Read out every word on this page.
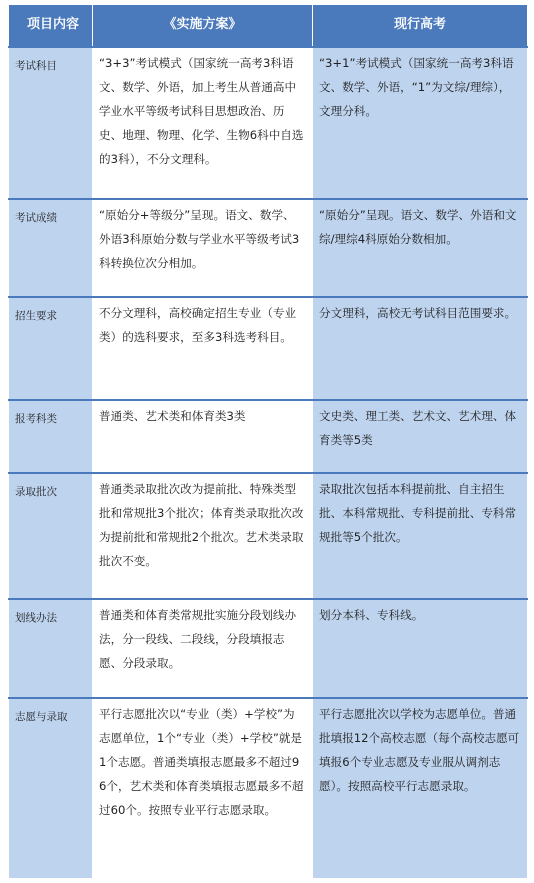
项目内容	《实施方案》	现行高考
考试科目	“3+3”考试模式（国家统一高考3科语文、数学、外语，加上考生从普通高中学业水平等级考试科目思想政治、历史、地理、物理、化学、生物6科中自选的3科），不分文理科。	“3+1”考试模式（国家统一高考3科语文、数学、外语，“1”为文综/理综），文理分科。
考试成绩	“原始分+等级分”呈现。语文、数学、外语3科原始分数与学业水平等级考试3科转换位次分相加。	“原始分”呈现。语文、数学、外语和文综/理综4科原始分数相加。
招生要求	不分文理科，高校确定招生专业（专业类）的选科要求，至多3科选考科目。	分文理科，高校无考试科目范围要求。
报考科类	普通类、艺术类和体育类3类	文史类、理工类、艺术文、艺术理、体育类等5类
录取批次	普通类录取批次改为提前批、特殊类型批和常规批3个批次；体育类录取批次改为提前批和常规批2个批次。艺术类录取批次不变。	录取批次包括本科提前批、自主招生批、本科常规批、专科提前批、专科常规批等5个批次。
划线办法	普通类和体育类常规批实施分段划线办法，分一段线、二段线，分段填报志愿、分段录取。	划分本科、专科线。
志愿与录取	平行志愿批次以“专业（类）+学校”为志愿单位，1个“专业（类）+学校”就是1个志愿。普通类填报志愿最多不超过96个，艺术类和体育类填报志愿最多不超过60个。按照专业平行志愿录取。	平行志愿批次以学校为志愿单位。普通批填报12个高校志愿（每个高校志愿可填报6个专业志愿及专业服从调剂志愿）。按照高校平行志愿录取。
